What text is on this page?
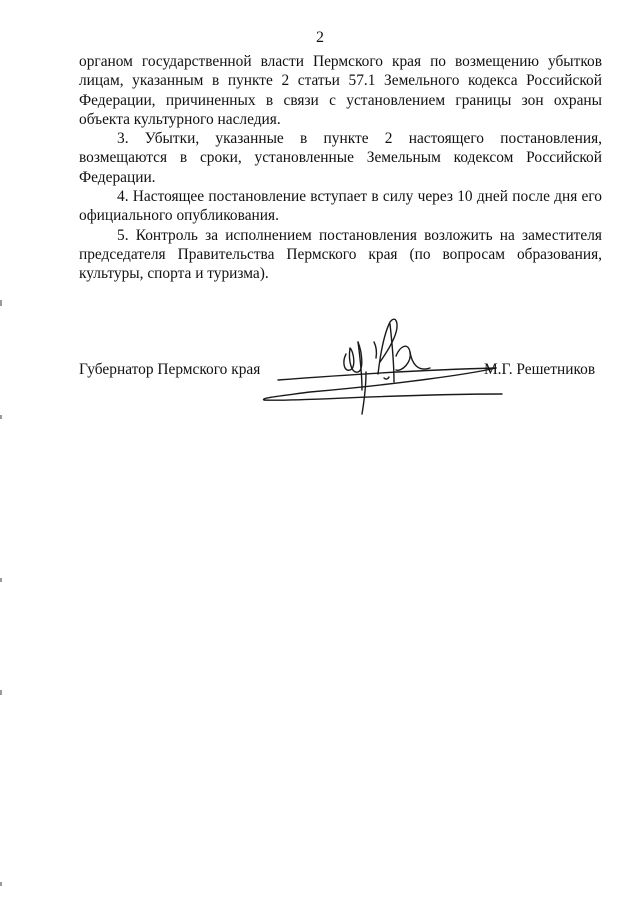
2

органом государственной власти Пермского края по возмещению убытков лицам, указанным в пункте 2 статьи 57.1 Земельного кодекса Российской Федерации, причиненных в связи с установлением границы зон охраны объекта культурного наследия.

3. Убытки, указанные в пункте 2 настоящего постановления, возмещаются в сроки, установленные Земельным кодексом Российской Федерации.

4. Настоящее постановление вступает в силу через 10 дней после дня его официального опубликования.

5. Контроль за исполнением постановления возложить на заместителя председателя Правительства Пермского края (по вопросам образования, культуры, спорта и туризма).

Губернатор Пермского края	М.Г. Решетников
